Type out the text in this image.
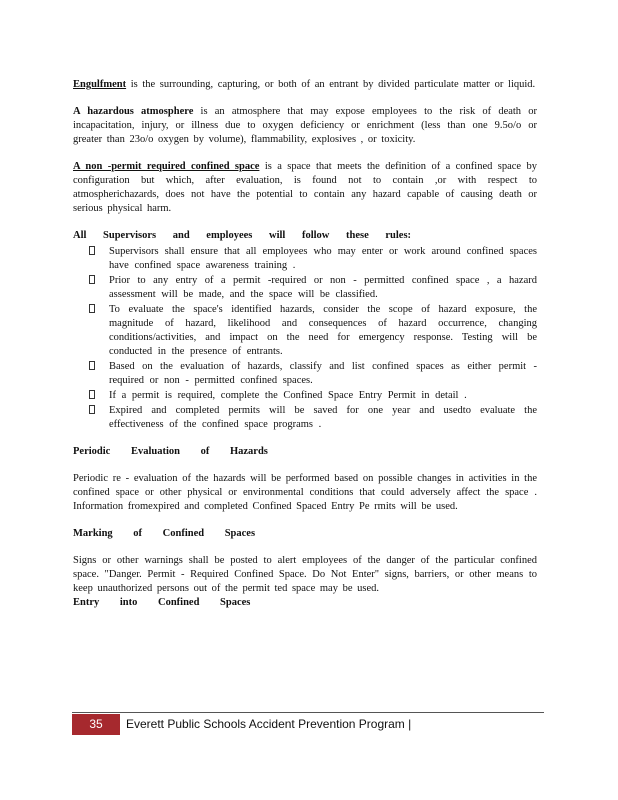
Engulfment is the surrounding, capturing, or both of an entrant by divided particulate matter or liquid.

A hazardous atmosphere is an atmosphere that may expose employees to the risk of death or incapacitation, injury, or illness due to oxygen deficiency or enrichment (less than one 9.5o/o or greater than 23o/o oxygen by volume), flammability, explosives , or toxicity.

A non -permit required confined space is a space that meets the definition of a confined space by configuration but which, after evaluation, is found not to contain ,or with respect to atmospherichazards, does not have the potential to contain any hazard capable of causing death or serious physical harm.

All Supervisors and employees will follow these rules:
Supervisors shall ensure that all employees who may enter or work around confined spaces have confined space awareness training .
Prior to any entry of a permit -required or non - permitted confined space , a hazard assessment will be made, and the space will be classified.
To evaluate the space's identified hazards, consider the scope of hazard exposure, the magnitude of hazard, likelihood and consequences of hazard occurrence, changing conditions/activities, and impact on the need for emergency response. Testing will be conducted in the presence of entrants.
Based on the evaluation of hazards, classify and list confined spaces as either permit -required or non - permitted confined spaces.
If a permit is required, complete the Confined Space Entry Permit in detail .
Expired and completed permits will be saved for one year and usedto evaluate the effectiveness of the confined space programs .
Periodic Evaluation of Hazards

Periodic re - evaluation of the hazards will be performed based on possible changes in activities in the confined space or other physical or environmental conditions that could adversely affect the space . Information fromexpired and completed Confined Spaced Entry Pe rmits will be used.

Marking of Confined Spaces

Signs or other warnings shall be posted to alert employees of the danger of the particular confined space. "Danger. Permit - Required Confined Space. Do Not Enter" signs, barriers, or other means to keep unauthorized persons out of the permit ted space may be used.

Entry into Confined Spaces
35	Everett Public Schools Accident Prevention Program |
